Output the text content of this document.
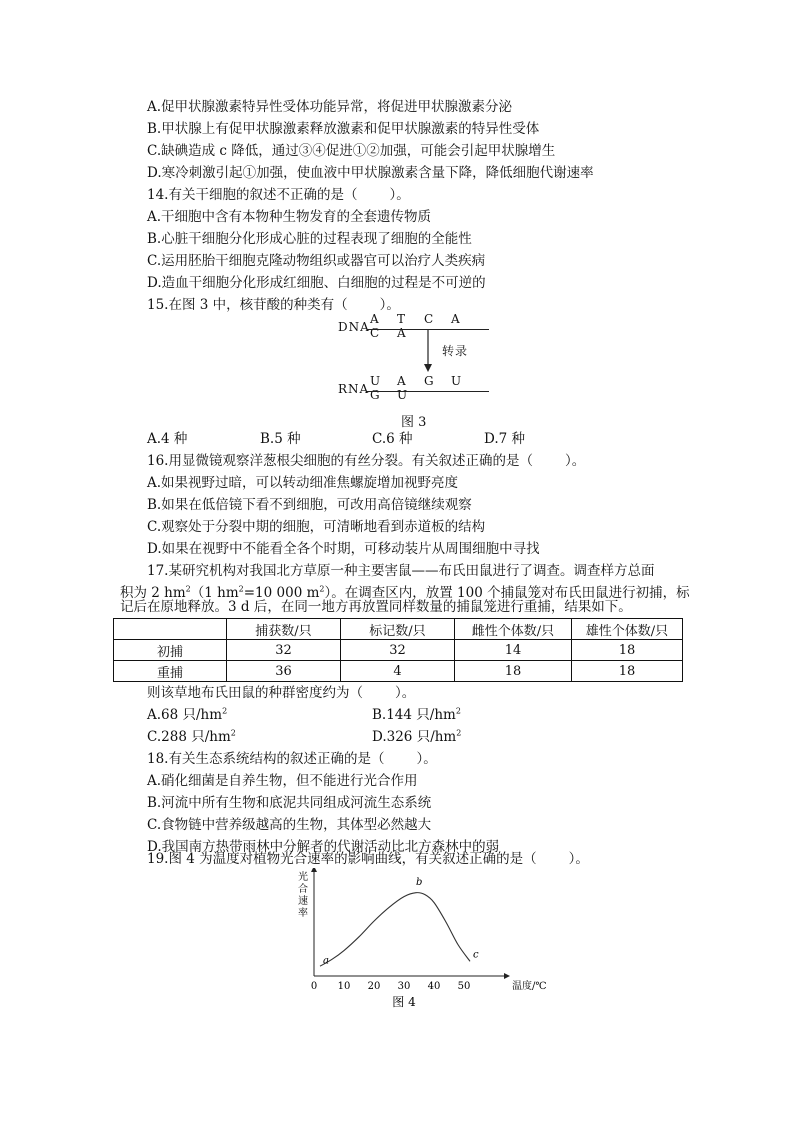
A.促甲状腺激素特异性受体功能异常，将促进甲状腺激素分泌
B.甲状腺上有促甲状腺激素释放激素和促甲状腺激素的特异性受体
C.缺碘造成 c 降低，通过③④促进①②加强，可能会引起甲状腺增生
D.寒冷刺激引起①加强，使血液中甲状腺激素含量下降，降低细胞代谢速率
14.有关干细胞的叙述不正确的是（ ）。
A.干细胞中含有本物种生物发育的全套遗传物质
B.心脏干细胞分化形成心脏的过程表现了细胞的全能性
C.运用胚胎干细胞克隆动物组织或器官可以治疗人类疾病
D.造血干细胞分化形成红细胞、白细胞的过程是不可逆的
15.在图 3 中，核苷酸的种类有（ ）。
DNA
A T C AC A
转录
U A G UG U
RNA
图 3
A.4 种	B.5 种	C.6 种	D.7 种
16.用显微镜观察洋葱根尖细胞的有丝分裂。有关叙述正确的是（ ）。
A.如果视野过暗，可以转动细准焦螺旋增加视野亮度
B.如果在低倍镜下看不到细胞，可改用高倍镜继续观察
C.观察处于分裂中期的细胞，可清晰地看到赤道板的结构
D.如果在视野中不能看全各个时期，可移动装片从周围细胞中寻找
17.某研究机构对我国北方草原一种主要害鼠——布氏田鼠进行了调查。调查样方总面
积为 2 $hm^2(1$ $hm^2=10$ 000 $m^2$）。在调查区内，放置 100 个捕鼠笼对布氏田鼠进行初捕，标
记后在原地释放。3 d 后，在同一地方再放置同样数量的捕鼠笼进行重捕，结果如下。
	捕获数/只	标记数/只	雌性个体数/只	雄性个体数/只
初捕	32	32	14	18
重捕	36	4	18	18
则该草地布氏田鼠的种群密度约为（ ）。
A.68 只$/hm^2$	B.144 只$/hm^2$
C.288 只$/hm^2$	D.326 只$/hm^2$
18.有关生态系统结构的叙述正确的是（ ）。
A.硝化细菌是自养生物，但不能进行光合作用
B.河流中所有生物和底泥共同组成河流生态系统
C.食物链中营养级越高的生物，其体型必然越大
D.我国南方热带雨林中分解者的代谢活动比北方森林中的弱
19.图 4 为温度对植物光合速率的影响曲线，有关叙述正确的是（ ）。
光
合
速
率
0 10 20 30 40 50	温度/℃
a
b
c
图 4
